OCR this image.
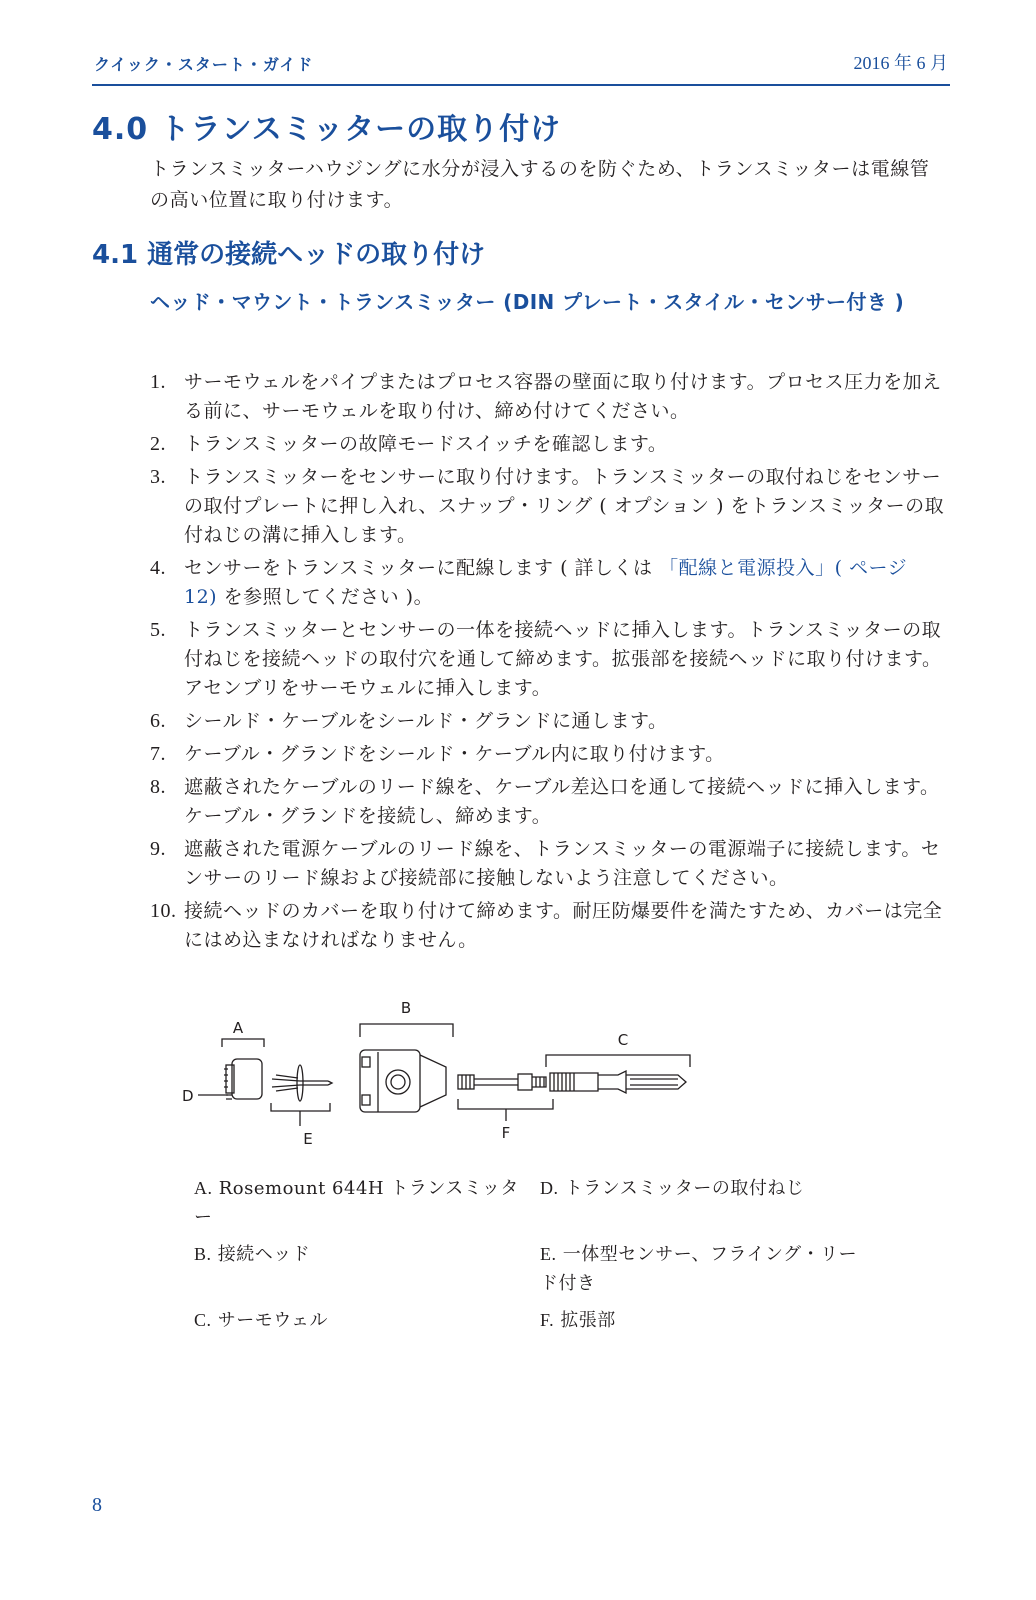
クイック・スタート・ガイド	2016 年 6 月
4.0 トランスミッターの取り付け

トランスミッターハウジングに水分が浸入するのを防ぐため、トランスミッターは電線管の高い位置に取り付けます。

4.1 通常の接続ヘッドの取り付け
ヘッド・マウント・トランスミッター (DIN プレート・スタイル・センサー付き )
1. サーモウェルをパイプまたはプロセス容器の壁面に取り付けます。プロセス圧力を加える前に、サーモウェルを取り付け、締め付けてください。
2. トランスミッターの故障モードスイッチを確認します。
3. トランスミッターをセンサーに取り付けます。トランスミッターの取付ねじをセンサーの取付プレートに押し入れ、スナップ・リング ( オプション ) をトランスミッターの取付ねじの溝に挿入します。
4. センサーをトランスミッターに配線します ( 詳しくは 「配線と電源投入」( ページ 12) を参照してください )。
5. トランスミッターとセンサーの一体を接続ヘッドに挿入します。トランスミッターの取付ねじを接続ヘッドの取付穴を通して締めます。拡張部を接続ヘッドに取り付けます。アセンブリをサーモウェルに挿入します。
6. シールド・ケーブルをシールド・グランドに通します。
7. ケーブル・グランドをシールド・ケーブル内に取り付けます。
8. 遮蔽されたケーブルのリード線を、ケーブル差込口を通して接続ヘッドに挿入します。ケーブル・グランドを接続し、締めます。
9. 遮蔽された電源ケーブルのリード線を、トランスミッターの電源端子に接続します。センサーのリード線および接続部に接触しないよう注意してください。
10. 接続ヘッドのカバーを取り付けて締めます。耐圧防爆要件を満たすため、カバーは完全にはめ込まなければなりません。
A
B
C
D
E	F
A. Rosemount 644H トランスミッター
B. 接続ヘッド
C. サーモウェル
D. トランスミッターの取付ねじ
E. 一体型センサー、フライング・リード付き
F. 拡張部
8
